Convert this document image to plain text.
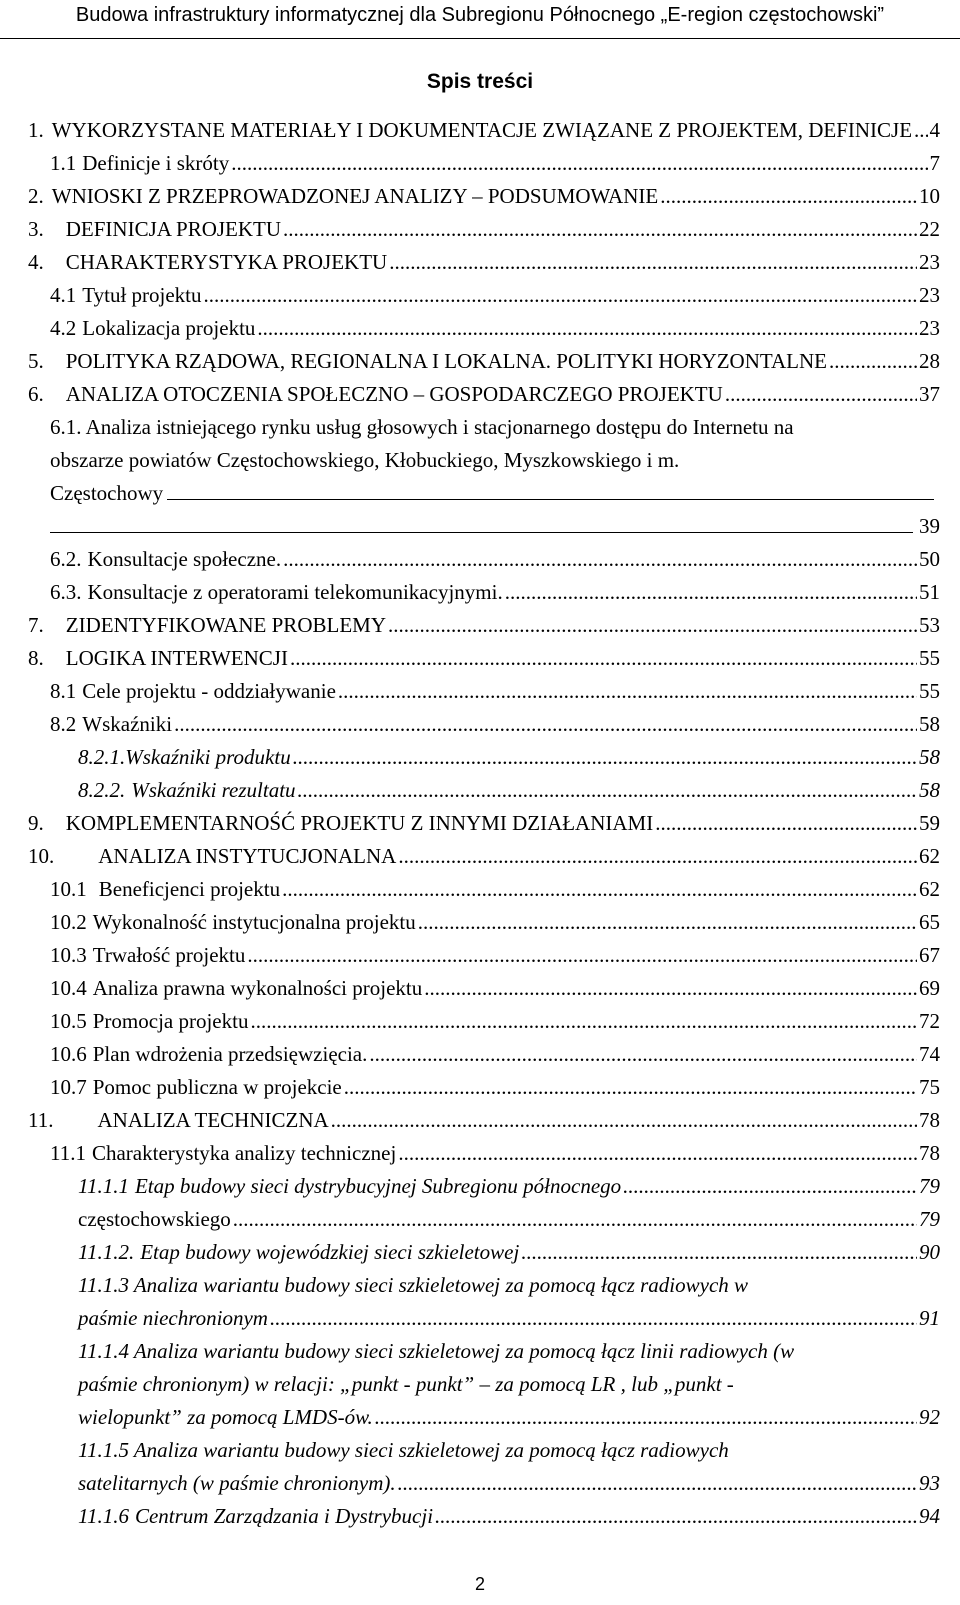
Budowa infrastruktury informatycznej dla Subregionu Północnego „E-region częstochowski”
Spis treści
1. WYKORZYSTANE MATERIAŁY I DOKUMENTACJE ZWIĄZANE Z PROJEKTEM, DEFINICJE ..... 4
1.1 Definicje i skróty .....	7
2. WNIOSKI Z PRZEPROWADZONEJ ANALIZY – PODSUMOWANIE .....	10
3. DEFINICJA PROJEKTU .....	22
4. CHARAKTERYSTYKA PROJEKTU .....	23
4.1 Tytuł projektu .....	23
4.2 Lokalizacja projektu .....	23
5. POLITYKA RZĄDOWA, REGIONALNA I LOKALNA. POLITYKI HORYZONTALNE .....	28
6. ANALIZA OTOCZENIA SPOŁECZNO – GOSPODARCZEGO PROJEKTU .....	37
6.1. Analiza istniejącego rynku usług głosowych i stacjonarnego dostępu do Internetu na
obszarze powiatów Częstochowskiego, Kłobuckiego, Myszkowskiego i m.
Częstochowy
39
6.2. Konsultacje społeczne. .....	50
6.3. Konsultacje z operatorami telekomunikacyjnymi. .....	51
7. ZIDENTYFIKOWANE PROBLEMY .....	53
8. LOGIKA INTERWENCJI .....	55
8.1 Cele projektu - oddziaływanie .....	55
8.2 Wskaźniki .....	58
8.2.1. Wskaźniki produktu .....	58
8.2.2. Wskaźniki rezultatu .....	58
9. KOMPLEMENTARNOŚĆ PROJEKTU Z INNYMI DZIAŁANIAMI .....	59
10. ANALIZA INSTYTUCJONALNA .....	62
10.1 Beneficjenci projektu .....	62
10.2 Wykonalność instytucjonalna projektu .....	65
10.3 Trwałość projektu .....	67
10.4 Analiza prawna wykonalności projektu .....	69
10.5 Promocja projektu .....	72
10.6 Plan wdrożenia przedsięwzięcia. .....	74
10.7 Pomoc publiczna w projekcie .....	75
11. ANALIZA TECHNICZNA .....	78
11.1 Charakterystyka analizy technicznej .....	78
11.1.1 Etap budowy sieci dystrybucyjnej Subregionu północnego .....	79
częstochowskiego .....	79
11.1.2. Etap budowy wojewódzkiej sieci szkieletowej .....	90
11.1.3 Analiza wariantu budowy sieci szkieletowej za pomocą łącz radiowych w
paśmie niechronionym .....	91
11.1.4 Analiza wariantu budowy sieci szkieletowej za pomocą łącz linii radiowych (w
paśmie chronionym) w relacji: „punkt - punkt” – za pomocą LR , lub „punkt -
wielopunkt” za pomocą LMDS-ów. .....	92
11.1.5 Analiza wariantu budowy sieci szkieletowej za pomocą łącz radiowych
satelitarnych (w paśmie chronionym). .....	93
11.1.6 Centrum Zarządzania i Dystrybucji .....	94
2
